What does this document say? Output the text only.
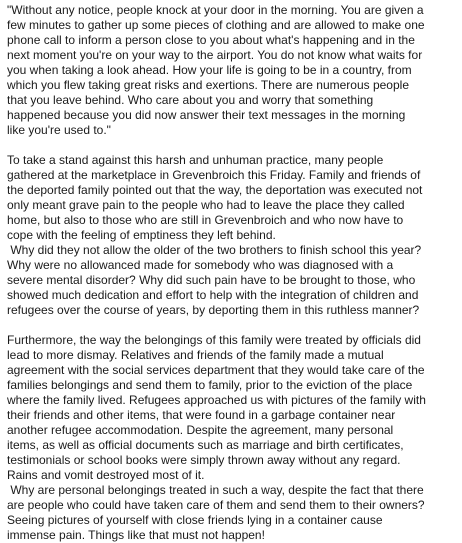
"Without any notice, people knock at your door in the morning. You are given a
few minutes to gather up some pieces of clothing and are allowed to make one
phone call to inform a person close to you about what's happening and in the
next moment you're on your way to the airport. You do not know what waits for
you when taking a look ahead. How your life is going to be in a country, from
which you flew taking great risks and exertions. There are numerous people
that you leave behind. Who care about you and worry that something
happened because you did now answer their text messages in the morning
like you're used to."
To take a stand against this harsh and unhuman practice, many people
gathered at the marketplace in Grevenbroich this Friday. Family and friends of
the deported family pointed out that the way, the deportation was executed not
only meant grave pain to the people who had to leave the place they called
home, but also to those who are still in Grevenbroich and who now have to
cope with the feeling of emptiness they left behind.
Why did they not allow the older of the two brothers to finish school this year?
Why were no allowanced made for somebody who was diagnosed with a
severe mental disorder? Why did such pain have to be brought to those, who
showed much dedication and effort to help with the integration of children and
refugees over the course of years, by deporting them in this ruthless manner?
Furthermore, the way the belongings of this family were treated by officials did
lead to more dismay. Relatives and friends of the family made a mutual
agreement with the social services department that they would take care of the
families belongings and send them to family, prior to the eviction of the place
where the family lived. Refugees approached us with pictures of the family with
their friends and other items, that were found in a garbage container near
another refugee accommodation. Despite the agreement, many personal
items, as well as official documents such as marriage and birth certificates,
testimonials or school books were simply thrown away without any regard.
Rains and vomit destroyed most of it.
Why are personal belongings treated in such a way, despite the fact that there
are people who could have taken care of them and send them to their owners?
Seeing pictures of yourself with close friends lying in a container cause
immense pain. Things like that must not happen!
